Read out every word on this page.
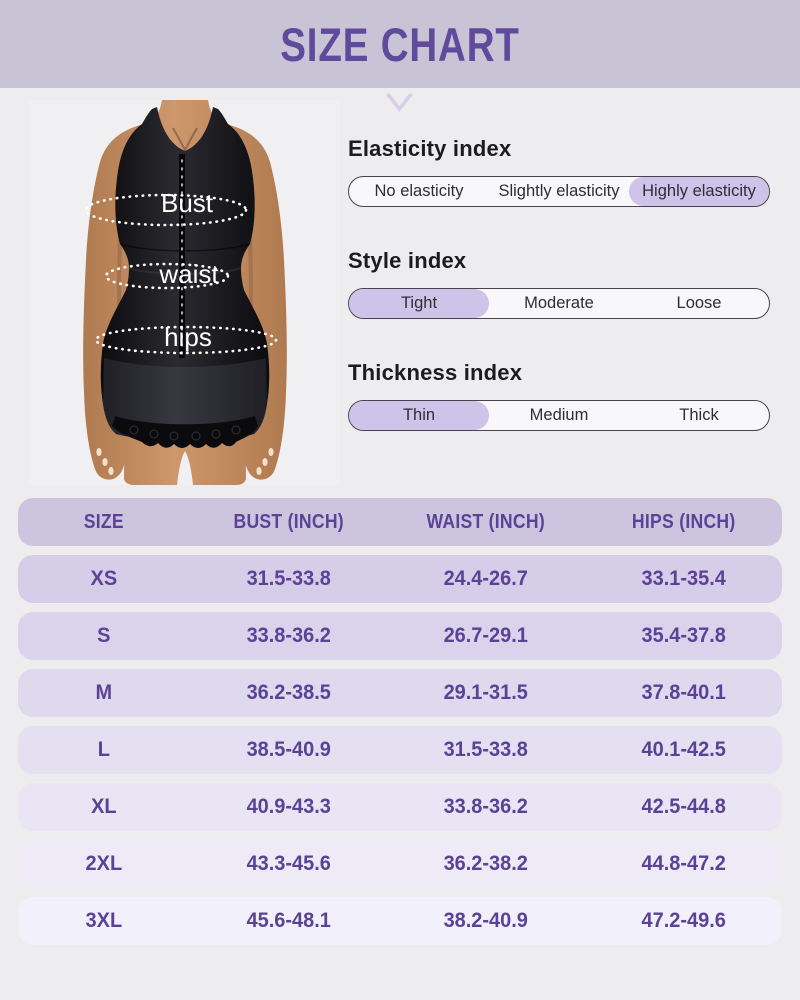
SIZE CHART
Bust
waist
hips
Elasticity index
No elasticity	Slightly elasticity	Highly elasticity
Style index
Tight	Moderate	Loose
Thickness index
Thin	Medium	Thick
SIZE	BUST (INCH)	WAIST (INCH)	HIPS (INCH)
XS	31.5-33.8	24.4-26.7	33.1-35.4
S	33.8-36.2	26.7-29.1	35.4-37.8
M	36.2-38.5	29.1-31.5	37.8-40.1
L	38.5-40.9	31.5-33.8	40.1-42.5
XL	40.9-43.3	33.8-36.2	42.5-44.8
2XL	43.3-45.6	36.2-38.2	44.8-47.2
3XL	45.6-48.1	38.2-40.9	47.2-49.6
